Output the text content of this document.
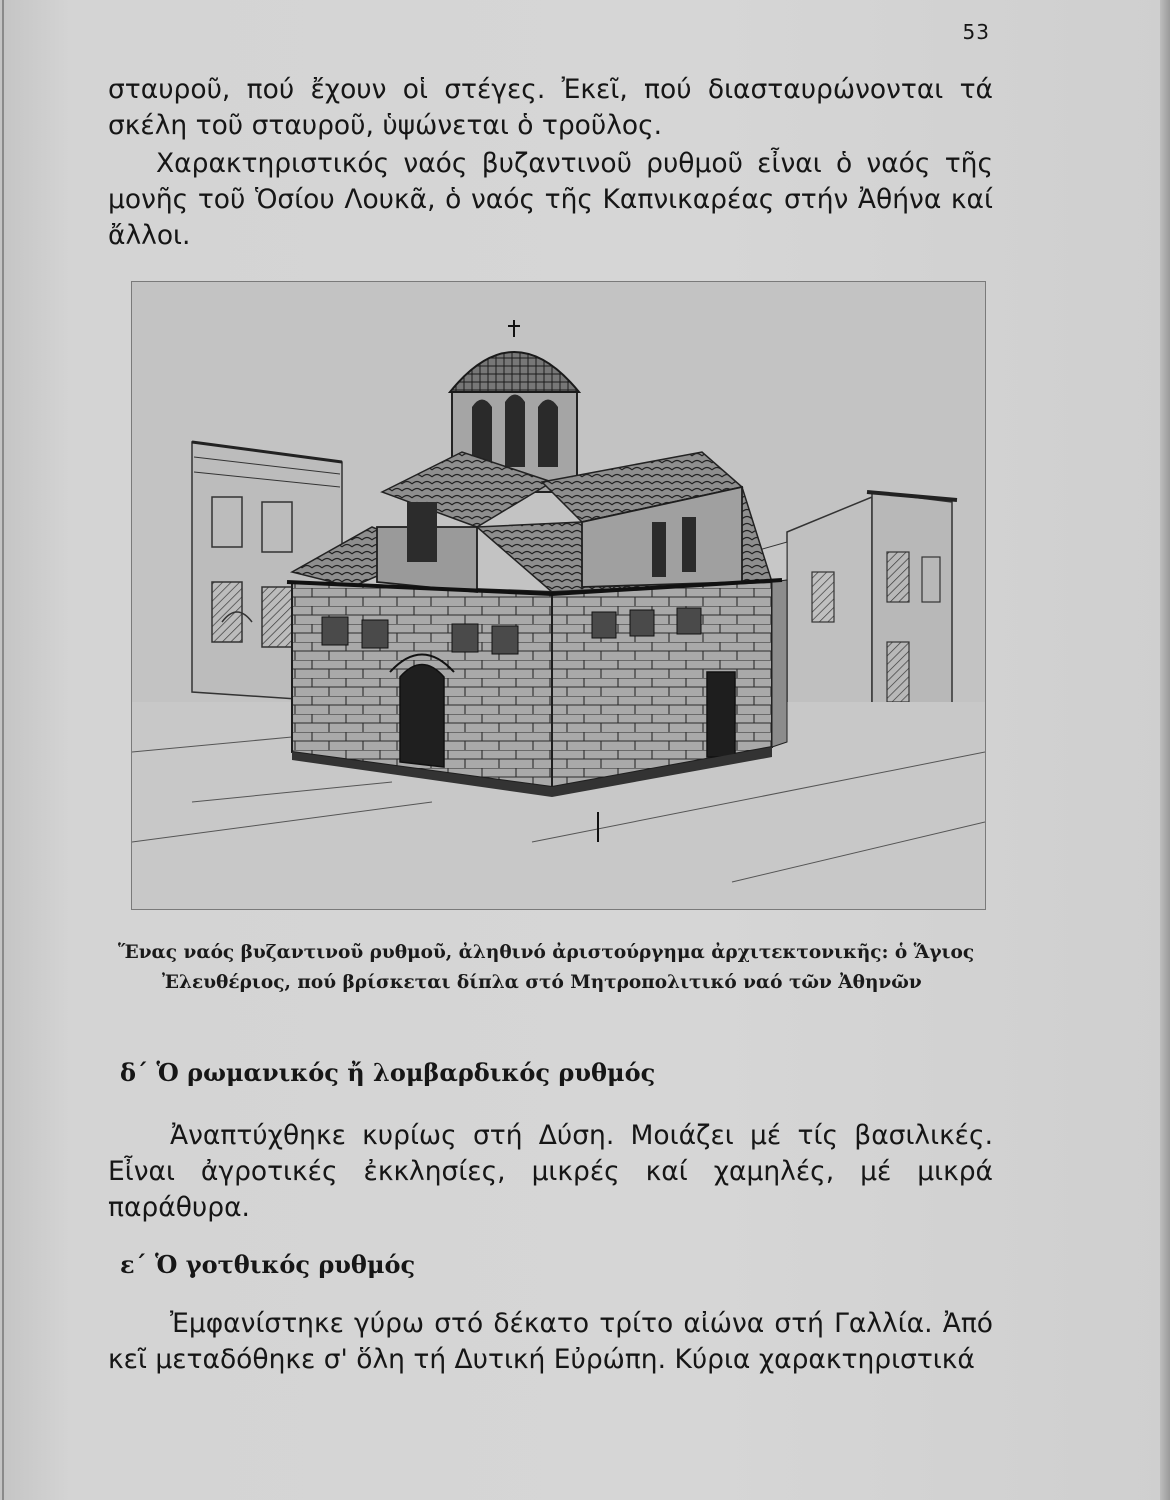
53

σταυροῦ, πού ἔχουν οἱ στέγες. Ἐκεῖ, πού διασταυρώνονται τά σκέλη τοῦ σταυροῦ, ὑψώνεται ὁ τροῦλος.

Χαρακτηριστικός ναός βυζαντινοῦ ρυθμοῦ εἶναι ὁ ναός τῆς μονῆς τοῦ Ὁσίου Λουκᾶ, ὁ ναός τῆς Καπνικαρέας στήν Ἀθήνα καί ἄλλοι.

Ἕνας ναός βυζαντινοῦ ρυθμοῦ, ἀληθινό ἀριστούργημα ἀρχιτεκτονικῆς: ὁ Ἅγιος
Ἐλευθέριος, πού βρίσκεται δίπλα στό Μητροπολιτικό ναό τῶν Ἀθηνῶν
δ΄ Ὁ ρωμανικός ἤ λομβαρδικός ρυθμός

Ἀναπτύχθηκε κυρίως στή Δύση. Μοιάζει μέ τίς βασιλικές. Εἶναι ἀγροτικές ἐκκλησίες, μικρές καί χαμηλές, μέ μικρά παράθυρα.

ε΄ Ὁ γοτθικός ρυθμός

Ἐμφανίστηκε γύρω στό δέκατο τρίτο αἰώνα στή Γαλλία. Ἀπό κεῖ μεταδόθηκε σ' ὅλη τή Δυτική Εὐρώπη. Κύρια χαρακτηριστικά
